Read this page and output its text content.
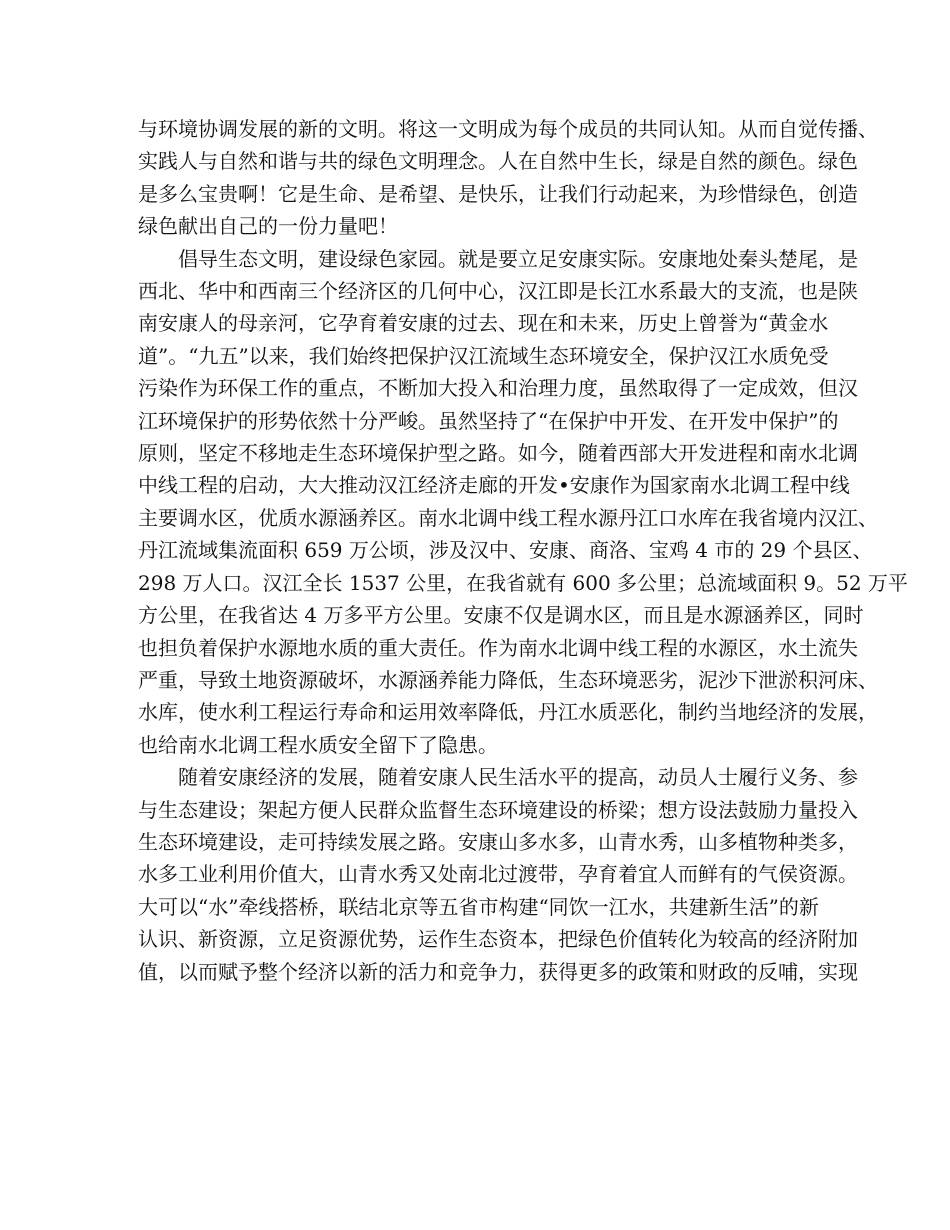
与环境协调发展的新的文明。将这一文明成为每个成员的共同认知。从而自觉传播、
实践人与自然和谐与共的绿色文明理念。人在自然中生长，绿是自然的颜色。绿色
是多么宝贵啊！它是生命、是希望、是快乐，让我们行动起来，为珍惜绿色，创造
绿色献出自己的一份力量吧！

倡导生态文明，建设绿色家园。就是要立足安康实际。安康地处秦头楚尾，是
西北、华中和西南三个经济区的几何中心，汉江即是长江水系最大的支流，也是陕
南安康人的母亲河，它孕育着安康的过去、现在和未来，历史上曾誉为“黄金水
道”。“九五”以来，我们始终把保护汉江流域生态环境安全，保护汉江水质免受
污染作为环保工作的重点，不断加大投入和治理力度，虽然取得了一定成效，但汉
江环境保护的形势依然十分严峻。虽然坚持了“在保护中开发、在开发中保护”的
原则，坚定不移地走生态环境保护型之路。如今，随着西部大开发进程和南水北调
中线工程的启动，大大推动汉江经济走廊的开发•安康作为国家南水北调工程中线
主要调水区，优质水源涵养区。南水北调中线工程水源丹江口水库在我省境内汉江、
丹江流域集流面积 659 万公顷，涉及汉中、安康、商洛、宝鸡 4 市的 29 个县区、
298 万人口。汉江全长 1537 公里，在我省就有 600 多公里；总流域面积 9。52 万平
方公里，在我省达 4 万多平方公里。安康不仅是调水区，而且是水源涵养区，同时
也担负着保护水源地水质的重大责任。作为南水北调中线工程的水源区，水土流失
严重，导致土地资源破坏，水源涵养能力降低，生态环境恶劣，泥沙下泄淤积河床、
水库，使水利工程运行寿命和运用效率降低，丹江水质恶化，制约当地经济的发展，
也给南水北调工程水质安全留下了隐患。

随着安康经济的发展，随着安康人民生活水平的提高，动员人士履行义务、参
与生态建设；架起方便人民群众监督生态环境建设的桥梁；想方设法鼓励力量投入
生态环境建设，走可持续发展之路。安康山多水多，山青水秀，山多植物种类多，
水多工业利用价值大，山青水秀又处南北过渡带，孕育着宜人而鲜有的气侯资源。
大可以“水”牵线搭桥，联结北京等五省市构建“同饮一江水，共建新生活”的新
认识、新资源，立足资源优势，运作生态资本，把绿色价值转化为较高的经济附加
值，以而赋予整个经济以新的活力和竞争力，获得更多的政策和财政的反哺，实现
